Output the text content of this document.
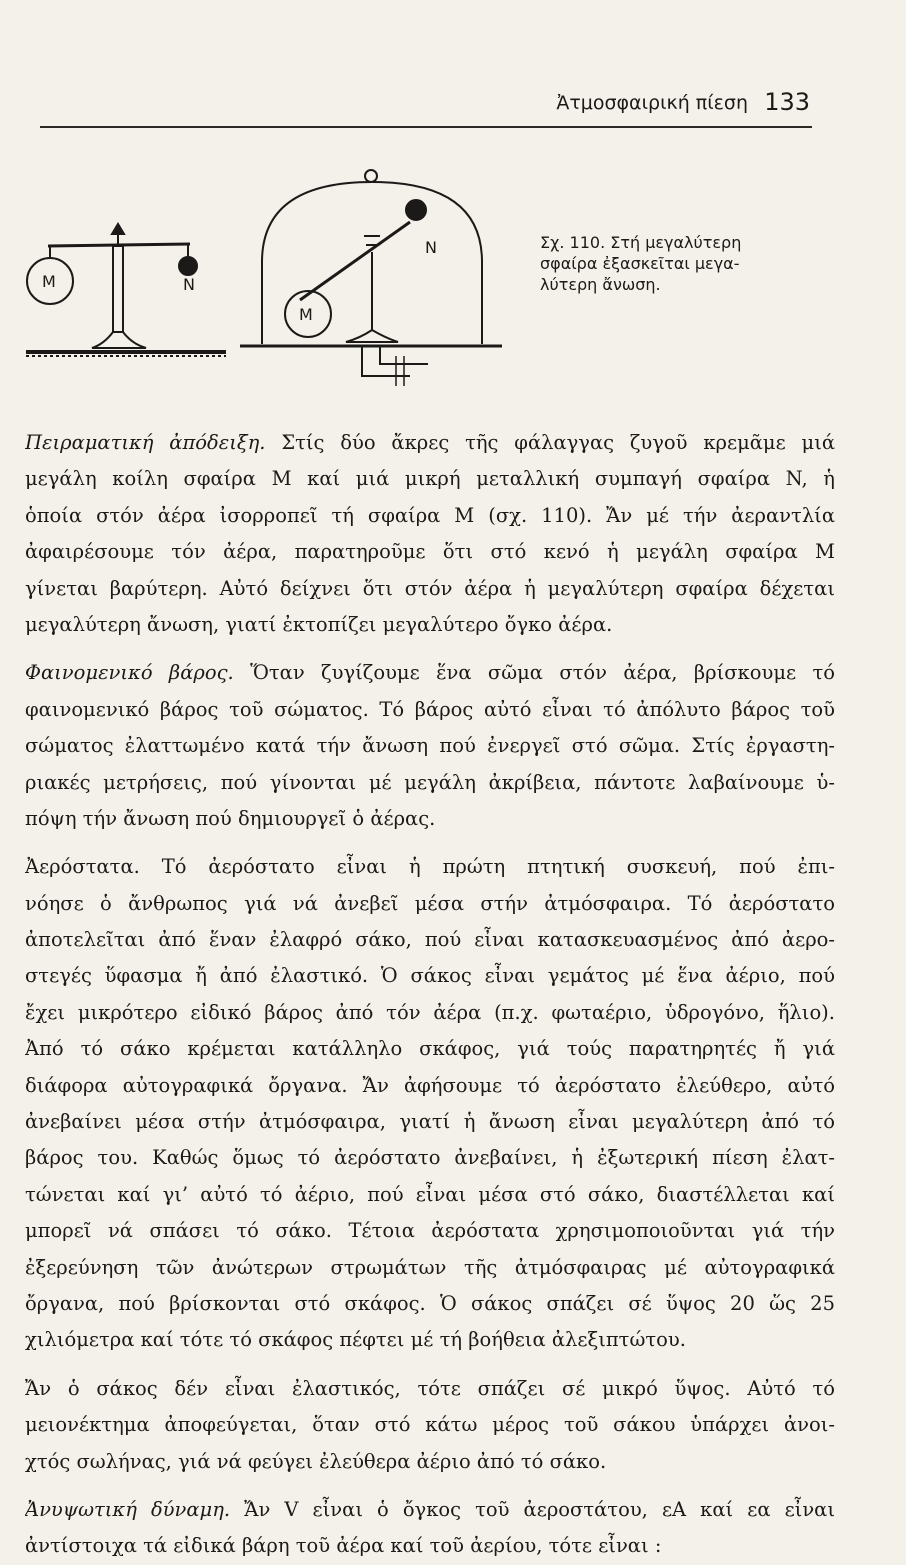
Ἀτμοσφαιρική πίεση 133
M	N
M
N	Σχ. 110. Στή μεγαλύτερη
σφαίρα ἐξασκεῖται μεγα-
λύτερη ἄνωση.
Πειραματική ἀπόδειξη. Στίς δύο ἄκρες τῆς φάλαγγας ζυγοῦ κρεμᾶμε μιά
μεγάλη κοίλη σφαίρα M καί μιά μικρή μεταλλική συμπαγή σφαίρα N, ἡ
ὁποία στόν ἀέρα ἰσορροπεῖ τή σφαίρα M (σχ. 110). Ἄν μέ τήν ἀεραντλία
ἀφαιρέσουμε τόν ἀέρα, παρατηροῦμε ὅτι στό κενό ἡ μεγάλη σφαίρα M
γίνεται βαρύτερη. Αὐτό δείχνει ὅτι στόν ἀέρα ἡ μεγαλύτερη σφαίρα δέχεται
μεγαλύτερη ἄνωση, γιατί ἐκτοπίζει μεγαλύτερο ὄγκο ἀέρα.
Φαινομενικό βάρος. Ὅταν ζυγίζουμε ἕνα σῶμα στόν ἀέρα, βρίσκουμε τό
φαινομενικό βάρος τοῦ σώματος. Τό βάρος αὐτό εἶναι τό ἀπόλυτο βάρος τοῦ
σώματος ἐλαττωμένο κατά τήν ἄνωση πού ἐνεργεῖ στό σῶμα. Στίς ἐργαστη-
ριακές μετρήσεις, πού γίνονται μέ μεγάλη ἀκρίβεια, πάντοτε λαβαίνουμε ὑ-
πόψη τήν ἄνωση πού δημιουργεῖ ὁ ἀέρας.
Ἀερόστατα. Τό ἀερόστατο εἶναι ἡ πρώτη πτητική συσκευή, πού ἐπι-
νόησε ὁ ἄνθρωπος γιά νά ἀνεβεῖ μέσα στήν ἀτμόσφαιρα. Τό ἀερόστατο
ἀποτελεῖται ἀπό ἕναν ἐλαφρό σάκο, πού εἶναι κατασκευασμένος ἀπό ἀερο-
στεγές ὕφασμα ἤ ἀπό ἐλαστικό. Ὁ σάκος εἶναι γεμάτος μέ ἕνα ἀέριο, πού
ἔχει μικρότερο εἰδικό βάρος ἀπό τόν ἀέρα (π.χ. φωταέριο, ὑδρογόνο, ἥλιο).
Ἀπό τό σάκο κρέμεται κατάλληλο σκάφος, γιά τούς παρατηρητές ἤ γιά
διάφορα αὐτογραφικά ὄργανα. Ἄν ἀφήσουμε τό ἀερόστατο ἐλεύθερο, αὐτό
ἀνεβαίνει μέσα στήν ἀτμόσφαιρα, γιατί ἡ ἄνωση εἶναι μεγαλύτερη ἀπό τό
βάρος του. Καθώς ὅμως τό ἀερόστατο ἀνεβαίνει, ἡ ἐξωτερική πίεση ἐλατ-
τώνεται καί γι’ αὐτό τό ἀέριο, πού εἶναι μέσα στό σάκο, διαστέλλεται καί
μπορεῖ νά σπάσει τό σάκο. Τέτοια ἀερόστατα χρησιμοποιοῦνται γιά τήν
ἐξερεύνηση τῶν ἀνώτερων στρωμάτων τῆς ἀτμόσφαιρας μέ αὐτογραφικά
ὄργανα, πού βρίσκονται στό σκάφος. Ὁ σάκος σπάζει σέ ὕψος 20 ὥς 25
χιλιόμετρα καί τότε τό σκάφος πέφτει μέ τή βοήθεια ἀλεξιπτώτου.
Ἄν ὁ σάκος δέν εἶναι ἐλαστικός, τότε σπάζει σέ μικρό ὕψος. Αὐτό τό
μειονέκτημα ἀποφεύγεται, ὅταν στό κάτω μέρος τοῦ σάκου ὑπάρχει ἀνοι-
χτός σωλήνας, γιά νά φεύγει ἐλεύθερα ἀέριο ἀπό τό σάκο.
Ἀνυψωτική δύναμη. Ἄν V εἶναι ὁ ὄγκος τοῦ ἀεροστάτου, εΑ καί εα εἶναι
ἀντίστοιχα τά εἰδικά βάρη τοῦ ἀέρα καί τοῦ ἀερίου, τότε εἶναι :
